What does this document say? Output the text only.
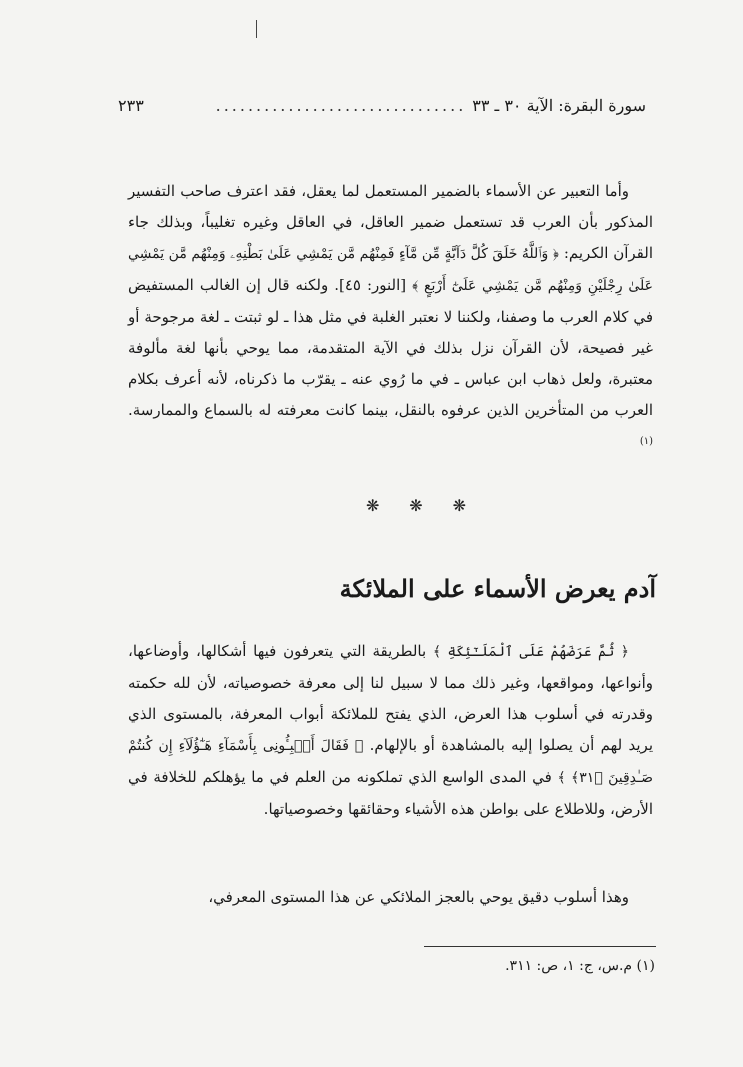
سورة البقرة: الآية ٣٠ ـ ٣٣
...............................
٢٣٣

وأما التعبير عن الأسماء بالضمير المستعمل لما يعقل، فقد اعترف صاحب التفسير المذكور بأن العرب قد تستعمل ضمير العاقل، في العاقل وغيره تغليباً، وبذلك جاء القرآن الكريم: ﴿ وَٱللَّهُ خَلَقَ كُلَّ دَآبَّةٍ مِّن مَّآءٍ فَمِنْهُم مَّن يَمْشِي عَلَىٰ بَطْنِهِۦ وَمِنْهُم مَّن يَمْشِي عَلَىٰ رِجْلَيْنِ وَمِنْهُم مَّن يَمْشِي عَلَىٰٓ أَرْبَعٍ ﴾ [النور: ٤٥]. ولكنه قال إن الغالب المستفيض في كلام العرب ما وصفنا، ولكننا لا نعتبر الغلبة في مثل هذا ـ لو ثبتت ـ لغة مرجوحة أو غير فصيحة، لأن القرآن نزل بذلك في الآية المتقدمة، مما يوحي بأنها لغة مألوفة معتبرة، ولعل ذهاب ابن عباس ـ في ما رُوي عنه ـ يقرّب ما ذكرناه، لأنه أعرف بكلام العرب من المتأخرين الذين عرفوه بالنقل، بينما كانت معرفته له بالسماع والممارسة.$^{(١)}$

❋ ❋ ❋
آدم يعرض الأسماء على الملائكة

﴿ ثُمَّ عَرَضَهُمْ عَلَى ٱلْمَلَـٰٓئِكَةِ ﴾ بالطريقة التي يتعرفون فيها أشكالها، وأوضاعها، وأنواعها، ومواقعها، وغير ذلك مما لا سبيل لنا إلى معرفة خصوصياته، لأن لله حكمته وقدرته في أسلوب هذا العرض، الذي يفتح للملائكة أبواب المعرفة، بالمستوى الذي يريد لهم أن يصلوا إليه بالمشاهدة أو بالإلهام. ﴿ فَقَالَ أَنۢبِـُٔونِى بِأَسْمَآءِ هَـٰٓؤُلَآءِ إِن كُنتُمْ صَـٰدِقِينَ ﴿٣١﴾ ﴾ في المدى الواسع الذي تملكونه من العلم في ما يؤهلكم للخلافة في الأرض، وللاطلاع على بواطن هذه الأشياء وحقائقها وخصوصياتها.

وهذا أسلوب دقيق يوحي بالعجز الملائكي عن هذا المستوى المعرفي،

(١) م.س، ج: ١، ص: ٣١١.
